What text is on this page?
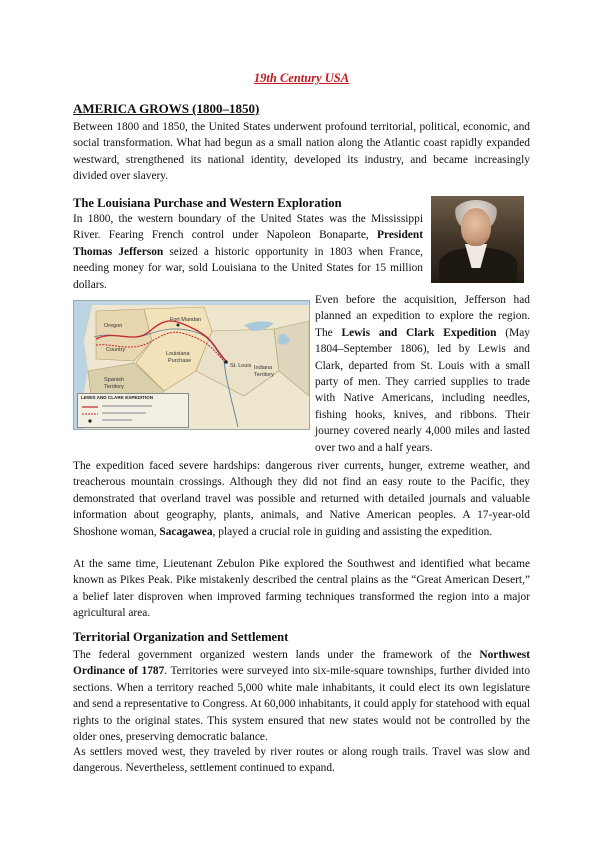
19th Century USA
AMERICA GROWS (1800–1850)

Between 1800 and 1850, the United States underwent profound territorial, political, economic, and social transformation. What had begun as a small nation along the Atlantic coast rapidly expanded westward, strengthened its national identity, developed its industry, and became increasingly divided over slavery.

The Louisiana Purchase and Western Exploration

In 1800, the western boundary of the United States was the Mississippi River. Fearing French control under Napoleon Bonaparte, President Thomas Jefferson seized a historic opportunity in 1803 when France, needing money for war, sold Louisiana to the United States for 15 million dollars.

Oregon
Country
Fort Mandan
Louisiana
Purchase
Spanish
Territory
Indiana
Territory
St. Louis
LEWIS AND CLARK EXPEDITION

Even before the acquisition, Jefferson had planned an expedition to explore the region. The Lewis and Clark Expedition (May 1804–September 1806), led by Lewis and Clark, departed from St. Louis with a small party of men. They carried supplies to trade with Native Americans, including needles, fishing hooks, knives, and ribbons. Their journey covered nearly 4,000 miles and lasted over two and a half years.

The expedition faced severe hardships: dangerous river currents, hunger, extreme weather, and treacherous mountain crossings. Although they did not find an easy route to the Pacific, they demonstrated that overland travel was possible and returned with detailed journals and valuable information about geography, plants, animals, and Native American peoples. A 17-year-old Shoshone woman, Sacagawea, played a crucial role in guiding and assisting the expedition.

At the same time, Lieutenant Zebulon Pike explored the Southwest and identified what became known as Pikes Peak. Pike mistakenly described the central plains as the “Great American Desert,” a belief later disproven when improved farming techniques transformed the region into a major agricultural area.

Territorial Organization and Settlement

The federal government organized western lands under the framework of the Northwest Ordinance of 1787. Territories were surveyed into six-mile-square townships, further divided into sections. When a territory reached 5,000 white male inhabitants, it could elect its own legislature and send a representative to Congress. At 60,000 inhabitants, it could apply for statehood with equal rights to the original states. This system ensured that new states would not be controlled by the older ones, preserving democratic balance.

As settlers moved west, they traveled by river routes or along rough trails. Travel was slow and dangerous. Nevertheless, settlement continued to expand.
